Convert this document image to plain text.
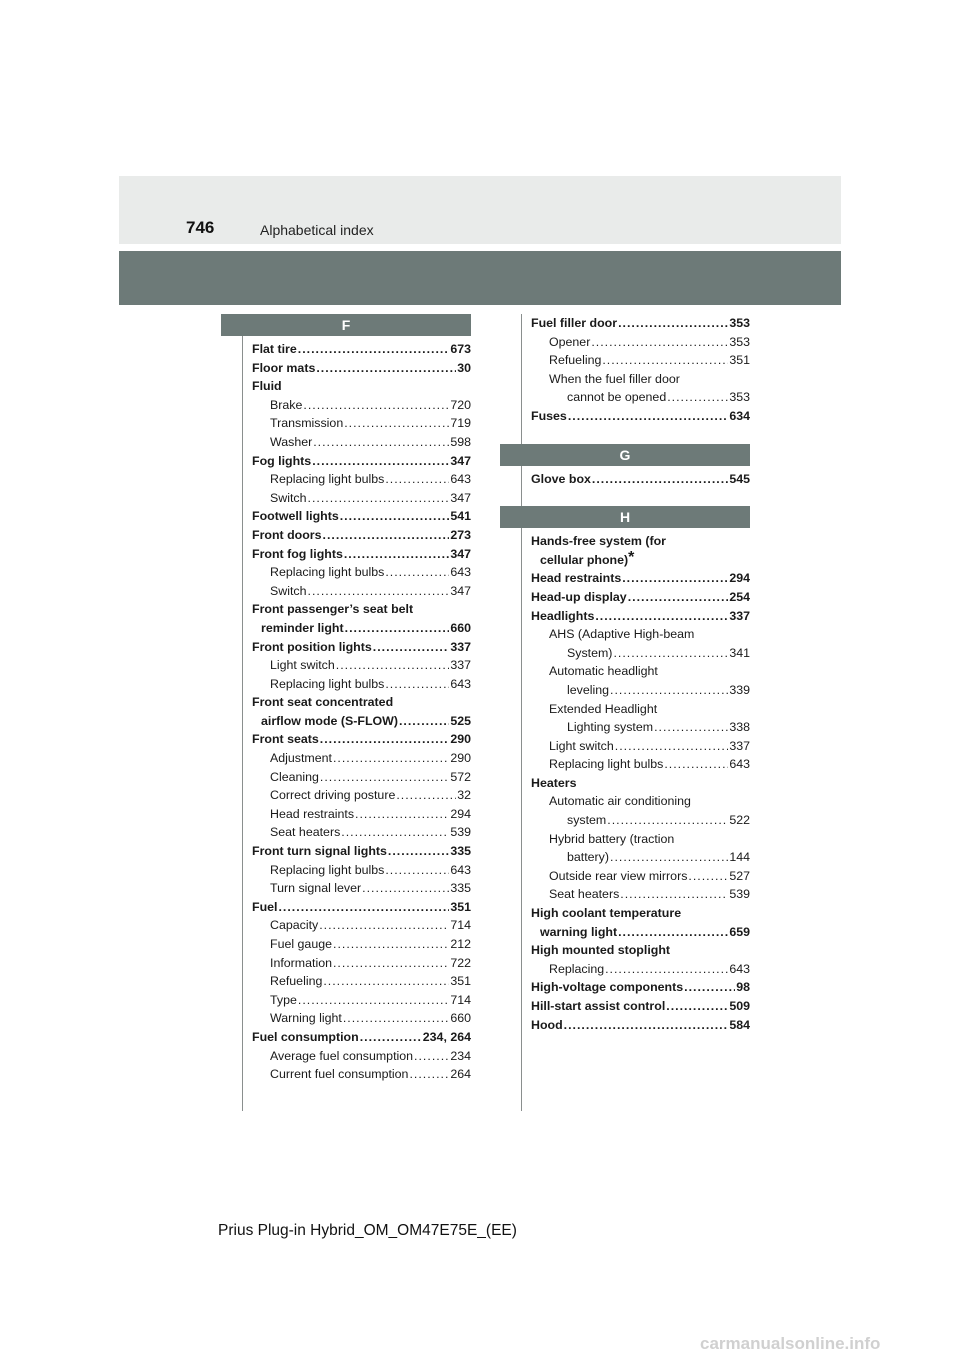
746	Alphabetical index
F
Flat tire .....	673
Floor mats .....	30
Fluid
Brake .....	720
Transmission .....	719
Washer .....	598
Fog lights .....	347
Replacing light bulbs .....	643
Switch .....	347
Footwell lights .....	541
Front doors .....	273
Front fog lights .....	347
Replacing light bulbs .....	643
Switch .....	347
Front passenger’s seat belt
reminder light .....	660
Front position lights .....	337
Light switch .....	337
Replacing light bulbs .....	643
Front seat concentrated
airflow mode (S-FLOW) .....	525
Front seats .....	290
Adjustment .....	290
Cleaning .....	572
Correct driving posture .....	32
Head restraints .....	294
Seat heaters .....	539
Front turn signal lights .....	335
Replacing light bulbs .....	643
Turn signal lever .....	335
Fuel .....	351
Capacity .....	714
Fuel gauge .....	212
Information .....	722
Refueling .....	351
Type .....	714
Warning light .....	660
Fuel consumption .....	234, 264
Average fuel consumption .....	234
Current fuel consumption .....	264
Fuel filler door .....	353
Opener .....	353
Refueling .....	351
When the fuel filler door
cannot be opened .....	353
Fuses .....	634
G
Glove box .....	545
H
Hands-free system (for
cellular phone)*
Head restraints .....	294
Head-up display .....	254
Headlights .....	337
AHS (Adaptive High-beam
System) .....	341
Automatic headlight
leveling .....	339
Extended Headlight
Lighting system .....	338
Light switch .....	337
Replacing light bulbs .....	643
Heaters
Automatic air conditioning
system .....	522
Hybrid battery (traction
battery) .....	144
Outside rear view mirrors .....	527
Seat heaters .....	539
High coolant temperature
warning light .....	659
High mounted stoplight
Replacing .....	643
High-voltage components .....	98
Hill-start assist control .....	509
Hood .....	584
Prius Plug-in Hybrid_OM_OM47E75E_(EE)
carmanualsonline.info
